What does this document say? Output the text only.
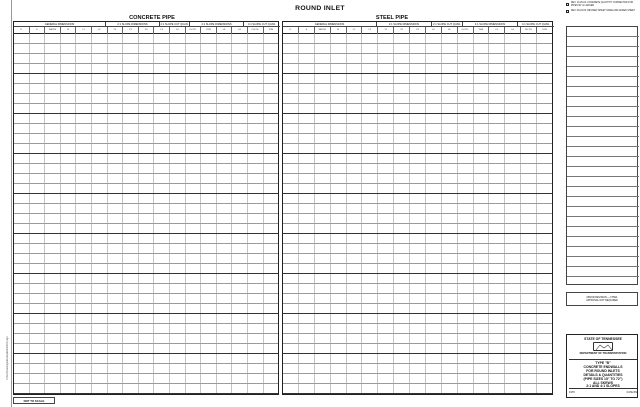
J:\Std Drawings\Endwalls\DPE5N.dgn
ROUND INLET
CONCRETE PIPE	STEEL PIPE
GENERAL DIMENSIONS	2:1 SLOPE DIMENSIONS	2:1 SLOPE CUT QUAN.	4:1 SLOPE DIMENSIONS	4:1 SLOPE CUT QUAN.
D	S	WIDTH	B	L1	L2	Y1	Y2	Y3	L3	L4	CU.YD.	TON	L5	L6	CU.YD.	TON
GENERAL DIMENSIONS	2:1 SLOPE DIMENSIONS	2:1 SLOPE CUT QUAN.	4:1 SLOPE DIMENSIONS	4:1 SLOPE CUT QUAN.
D	S	WIDTH	B	L1	L2	Y1	Y2	Y3	L3	L4	CU.YD.	TON	L5	L6	CU.YD.	TON
REV. 10-25-04: CONCRETE QUANTITY CORRECTED FOR PIPES 60" & LARGER
REV. 08-24-06: REVISED SHEET NAME AND ADDED SHEET
MINOR REVISION — FHWA
APPROVAL NOT REQUIRED
STATE OF TENNESSEE
DEPARTMENT OF TRANSPORTATION
TYPE "B"
CONCRETE ENDWALLS
FOR ROUND INLETS
DETAILS & QUANTITIES
(PIPE SIZES 15" TO 72")
ALL SKEWS
2:1 AND 4:1 SLOPES
1976	D-PE-5N
NOT TO SCALE
